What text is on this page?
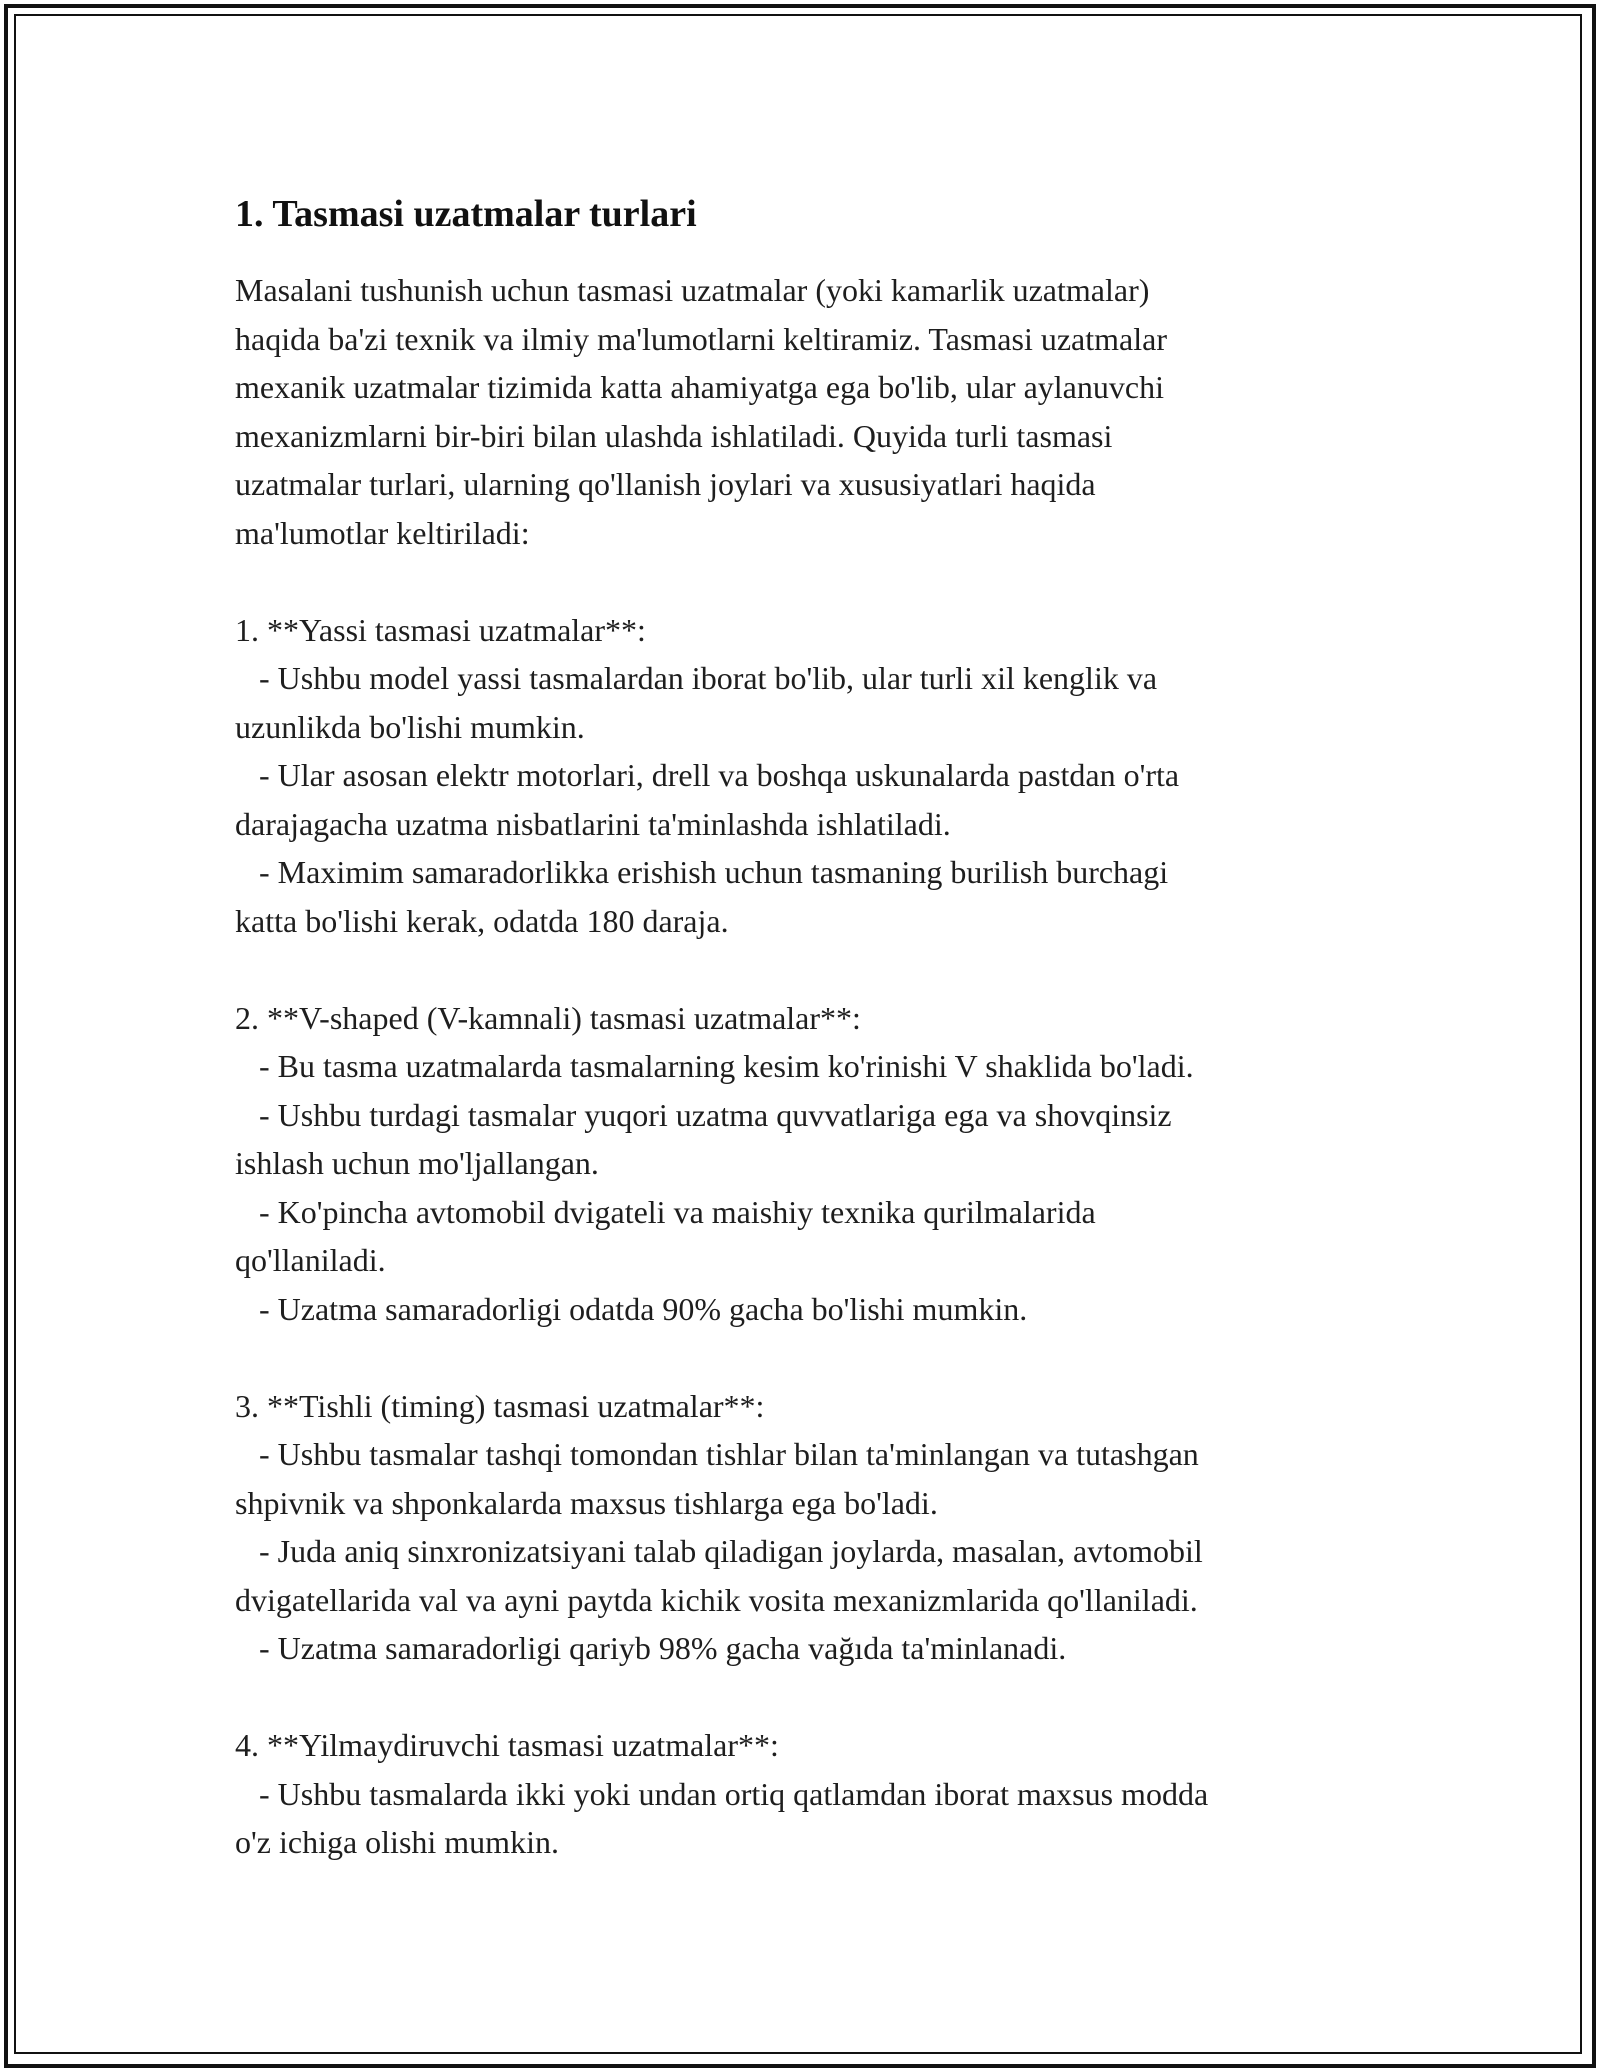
1. Tasmasi uzatmalar turlari

Masalani tushunish uchun tasmasi uzatmalar (yoki kamarlik uzatmalar)
haqida ba'zi texnik va ilmiy ma'lumotlarni keltiramiz. Tasmasi uzatmalar
mexanik uzatmalar tizimida katta ahamiyatga ega bo'lib, ular aylanuvchi
mexanizmlarni bir-biri bilan ulashda ishlatiladi. Quyida turli tasmasi
uzatmalar turlari, ularning qo'llanish joylari va xususiyatlari haqida
ma'lumotlar keltiriladi:

1. **Yassi tasmasi uzatmalar**:
- Ushbu model yassi tasmalardan iborat bo'lib, ular turli xil kenglik va
uzunlikda bo'lishi mumkin.
- Ular asosan elektr motorlari, drell va boshqa uskunalarda pastdan o'rta
darajagacha uzatma nisbatlarini ta'minlashda ishlatiladi.
- Maximim samaradorlikka erishish uchun tasmaning burilish burchagi
katta bo'lishi kerak, odatda 180 daraja.

2. **V-shaped (V-kamnali) tasmasi uzatmalar**:
- Bu tasma uzatmalarda tasmalarning kesim ko'rinishi V shaklida bo'ladi.
- Ushbu turdagi tasmalar yuqori uzatma quvvatlariga ega va shovqinsiz
ishlash uchun mo'ljallangan.
- Ko'pincha avtomobil dvigateli va maishiy texnika qurilmalarida
qo'llaniladi.
- Uzatma samaradorligi odatda 90% gacha bo'lishi mumkin.

3. **Tishli (timing) tasmasi uzatmalar**:
- Ushbu tasmalar tashqi tomondan tishlar bilan ta'minlangan va tutashgan
shpivnik va shponkalarda maxsus tishlarga ega bo'ladi.
- Juda aniq sinxronizatsiyani talab qiladigan joylarda, masalan, avtomobil
dvigatellarida val va ayni paytda kichik vosita mexanizmlarida qo'llaniladi.
- Uzatma samaradorligi qariyb 98% gacha vağıda ta'minlanadi.

4. **Yilmaydiruvchi tasmasi uzatmalar**:
- Ushbu tasmalarda ikki yoki undan ortiq qatlamdan iborat maxsus modda
o'z ichiga olishi mumkin.
